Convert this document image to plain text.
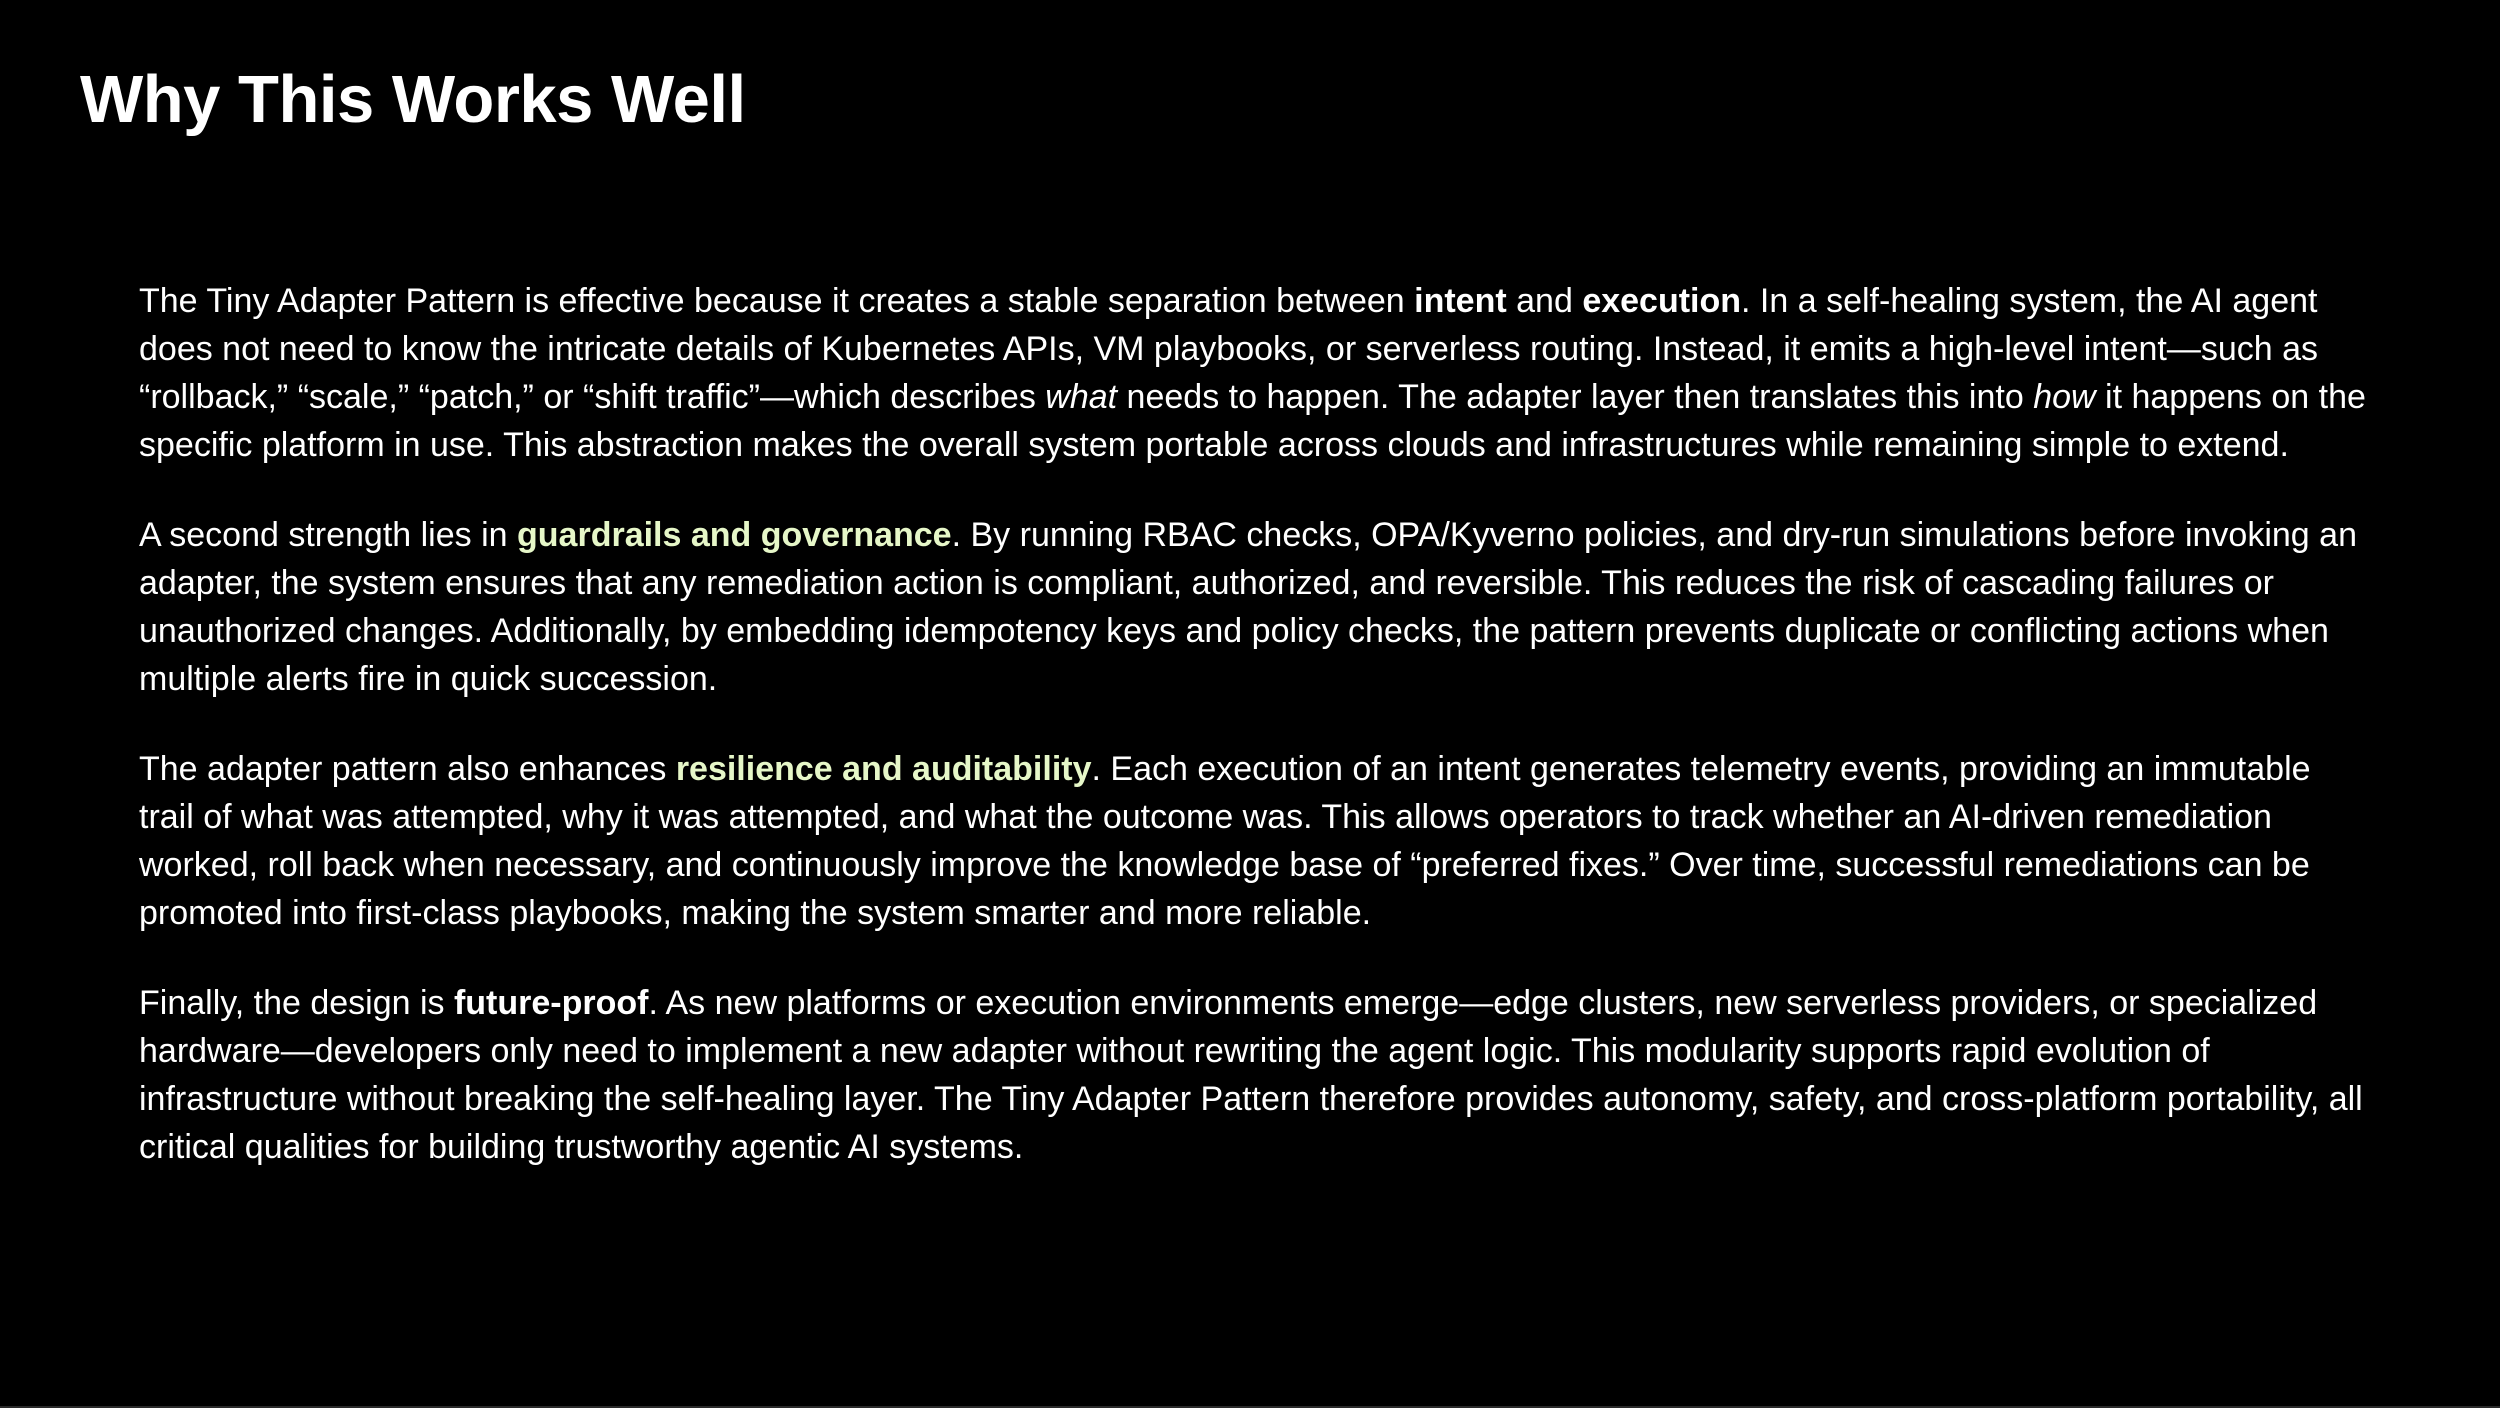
Why This Works Well

The Tiny Adapter Pattern is effective because it creates a stable separation between intent and execution. In a self-healing system, the AI agent does not need to know the intricate details of Kubernetes APIs, VM playbooks, or serverless routing. Instead, it emits a high-level intent—such as “rollback,” “scale,” “patch,” or “shift traffic”—which describes what needs to happen. The adapter layer then translates this into how it happens on the specific platform in use. This abstraction makes the overall system portable across clouds and infrastructures while remaining simple to extend.

A second strength lies in guardrails and governance. By running RBAC checks, OPA/Kyverno policies, and dry-run simulations before invoking an adapter, the system ensures that any remediation action is compliant, authorized, and reversible. This reduces the risk of cascading failures or unauthorized changes. Additionally, by embedding idempotency keys and policy checks, the pattern prevents duplicate or conflicting actions when multiple alerts fire in quick succession.

The adapter pattern also enhances resilience and auditability. Each execution of an intent generates telemetry events, providing an immutable trail of what was attempted, why it was attempted, and what the outcome was. This allows operators to track whether an AI-driven remediation worked, roll back when necessary, and continuously improve the knowledge base of “preferred fixes.” Over time, successful remediations can be promoted into first-class playbooks, making the system smarter and more reliable.

Finally, the design is future-proof. As new platforms or execution environments emerge—edge clusters, new serverless providers, or specialized hardware—developers only need to implement a new adapter without rewriting the agent logic. This modularity supports rapid evolution of infrastructure without breaking the self-healing layer. The Tiny Adapter Pattern therefore provides autonomy, safety, and cross-platform portability, all critical qualities for building trustworthy agentic AI systems.
